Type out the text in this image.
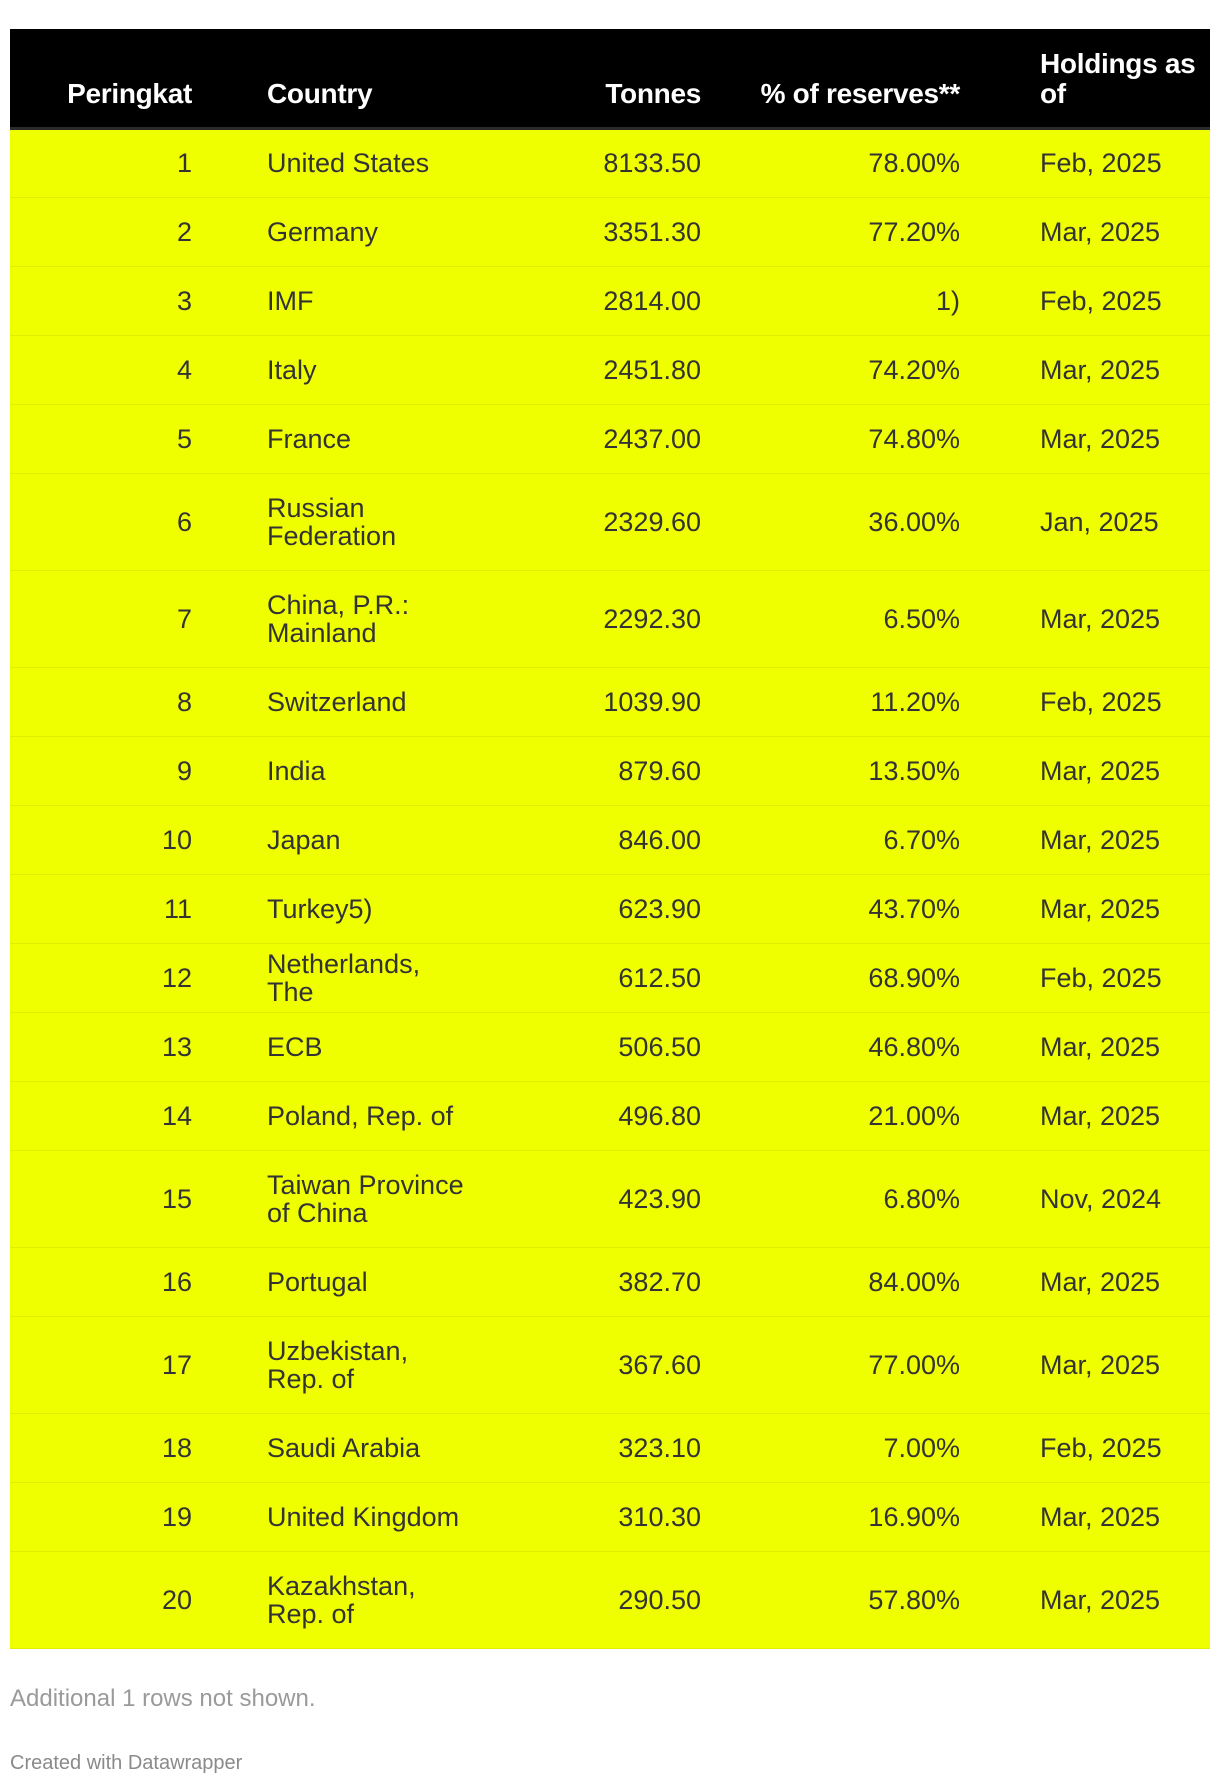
Peringkat	Country	Tonnes	% of reserves**	Holdings as of
1	United States	8133.50	78.00%	Feb, 2025
2	Germany	3351.30	77.20%	Mar, 2025
3	IMF	2814.00	1)	Feb, 2025
4	Italy	2451.80	74.20%	Mar, 2025
5	France	2437.00	74.80%	Mar, 2025
6	Russian Federation	2329.60	36.00%	Jan, 2025
7	China, P.R.: Mainland	2292.30	6.50%	Mar, 2025
8	Switzerland	1039.90	11.20%	Feb, 2025
9	India	879.60	13.50%	Mar, 2025
10	Japan	846.00	6.70%	Mar, 2025
11	Turkey5)	623.90	43.70%	Mar, 2025
12	Netherlands, The	612.50	68.90%	Feb, 2025
13	ECB	506.50	46.80%	Mar, 2025
14	Poland, Rep. of	496.80	21.00%	Mar, 2025
15	Taiwan Province of China	423.90	6.80%	Nov, 2024
16	Portugal	382.70	84.00%	Mar, 2025
17	Uzbekistan, Rep. of	367.60	77.00%	Mar, 2025
18	Saudi Arabia	323.10	7.00%	Feb, 2025
19	United Kingdom	310.30	16.90%	Mar, 2025
20	Kazakhstan, Rep. of	290.50	57.80%	Mar, 2025
Additional 1 rows not shown.
Created with Datawrapper
